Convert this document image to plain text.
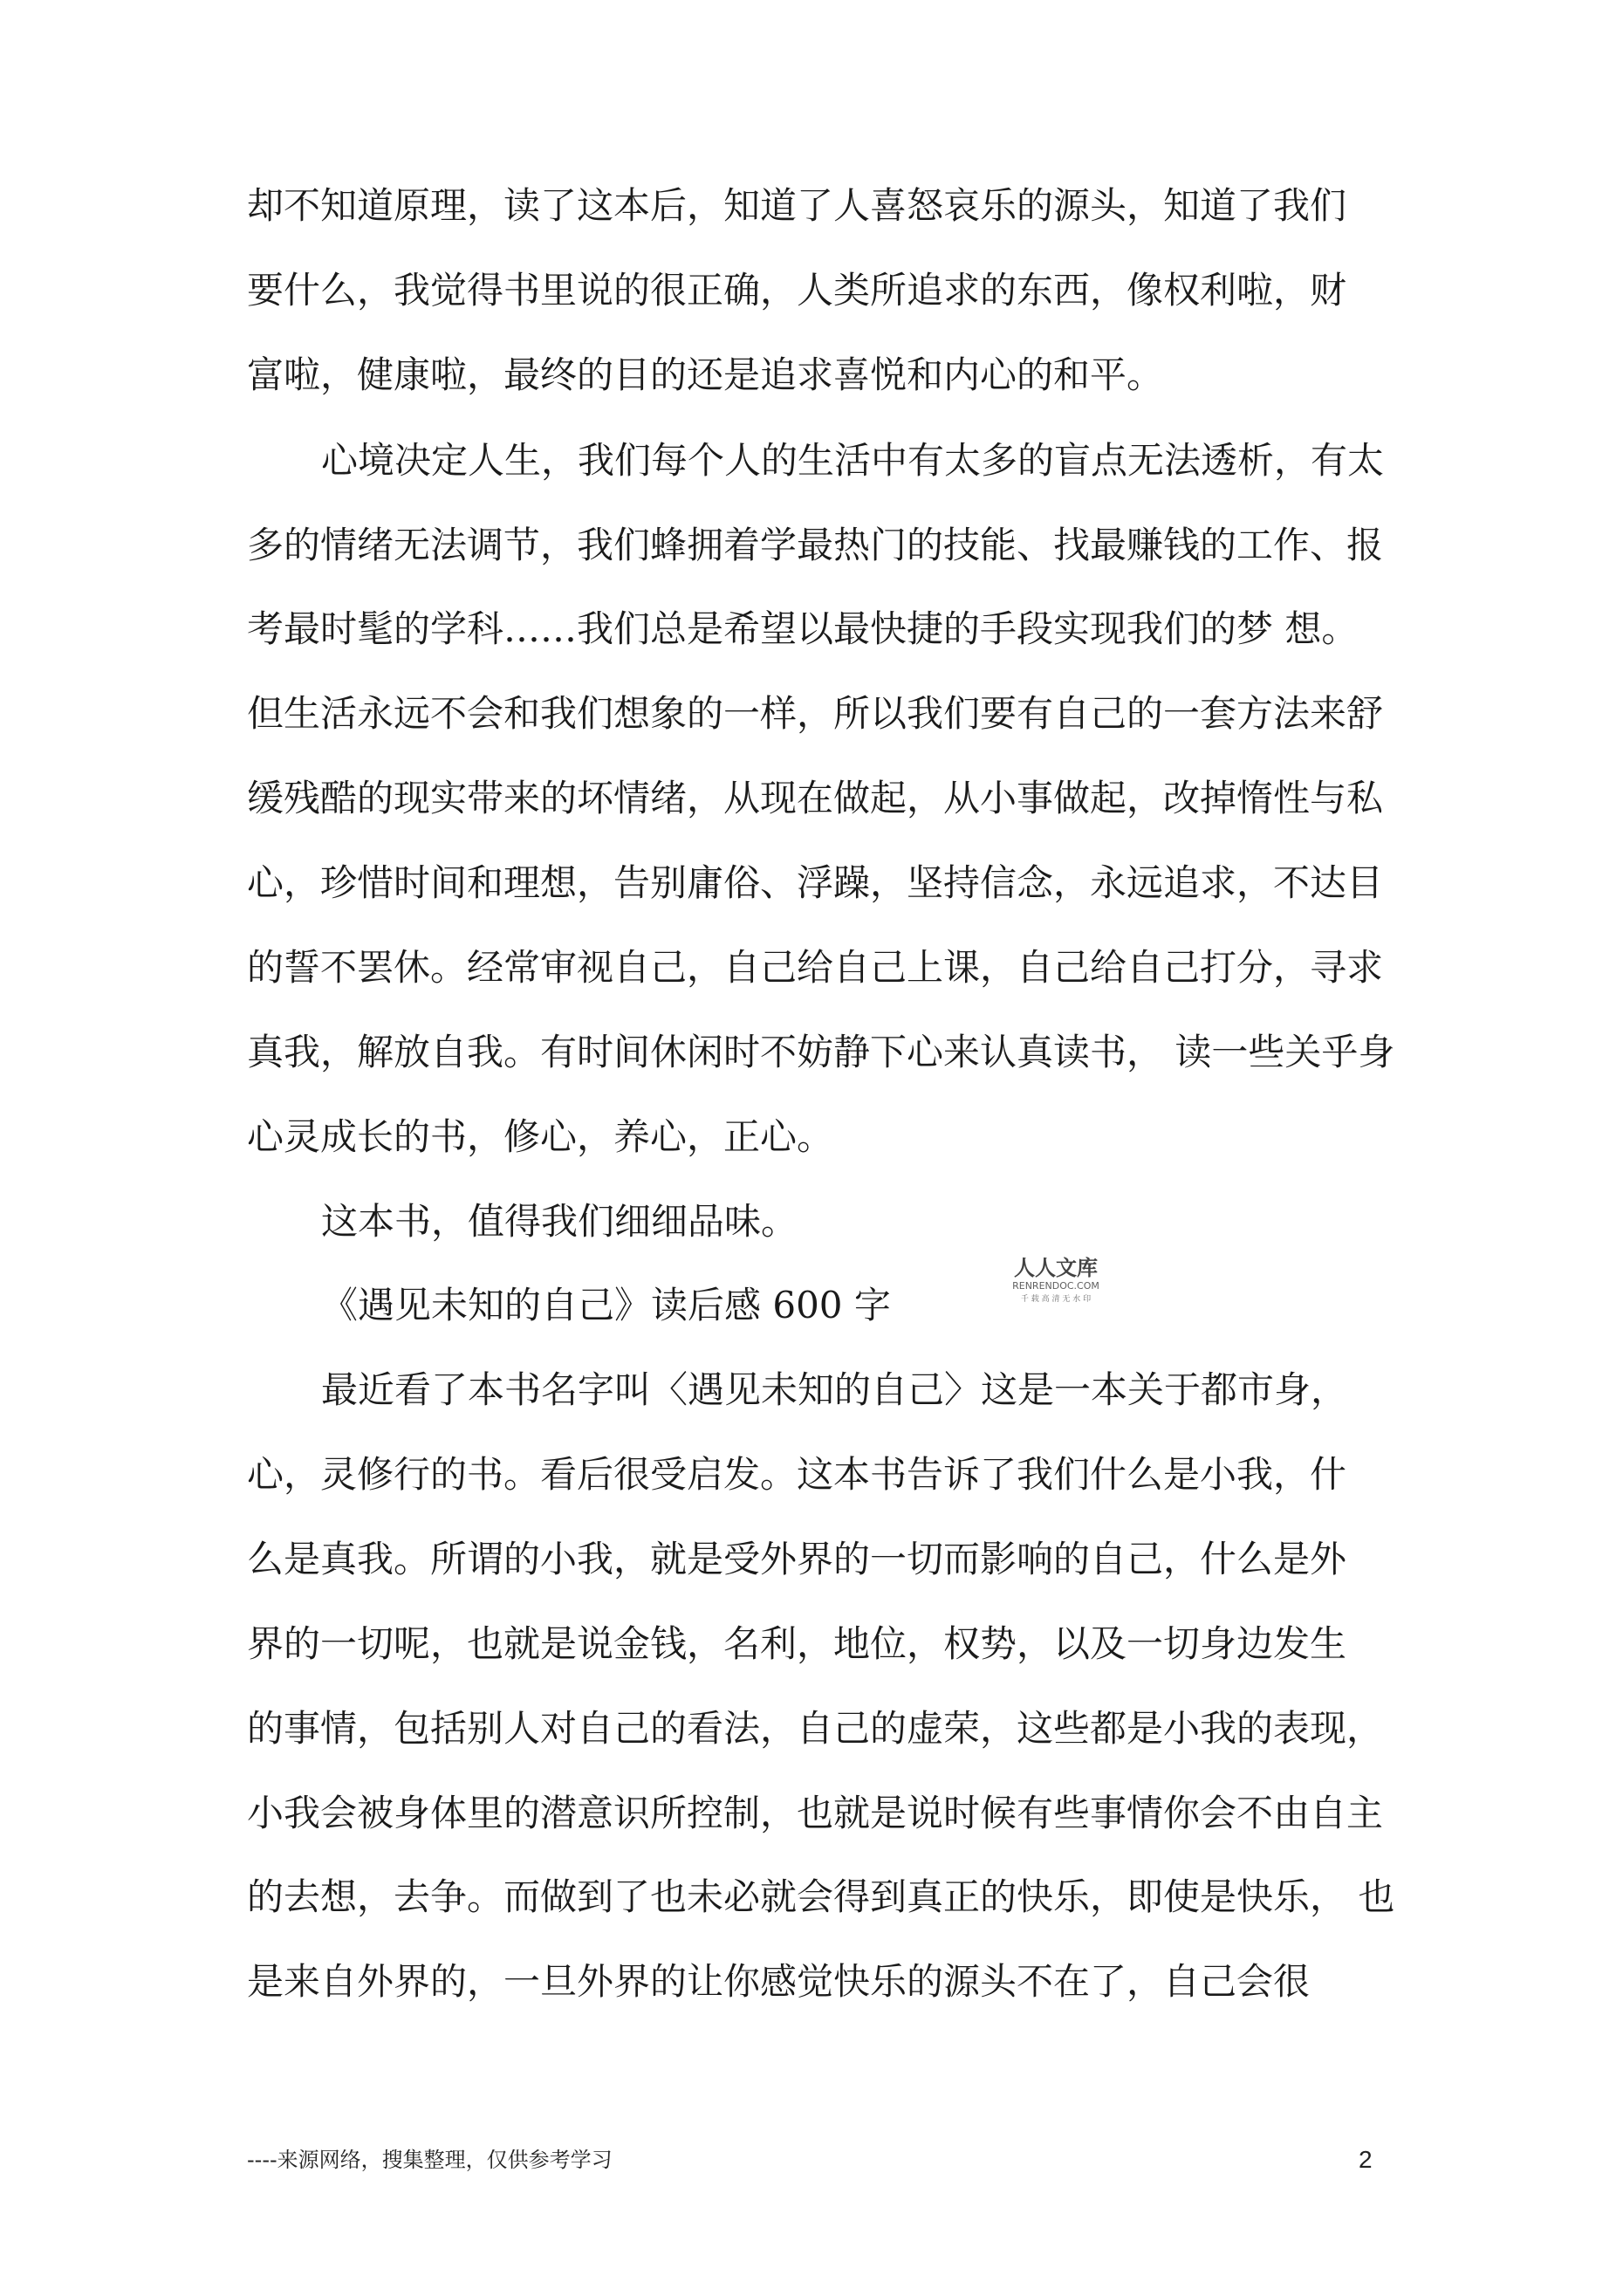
却不知道原理，读了这本后，知道了人喜怒哀乐的源头，知道了我们
要什么，我觉得书里说的很正确，人类所追求的东西，像权利啦，财
富啦，健康啦，最终的目的还是追求喜悦和内心的和平。
心境决定人生，我们每个人的生活中有太多的盲点无法透析，有太
多的情绪无法调节，我们蜂拥着学最热门的技能、找最赚钱的工作、报
考最时髦的学科……我们总是希望以最快捷的手段实现我们的梦 想。
但生活永远不会和我们想象的一样，所以我们要有自己的一套方法来舒
缓残酷的现实带来的坏情绪，从现在做起，从小事做起，改掉惰性与私
心，珍惜时间和理想，告别庸俗、浮躁，坚持信念，永远追求，不达目
的誓不罢休。经常审视自己，自己给自己上课，自己给自己打分，寻求
真我，解放自我。有时间休闲时不妨静下心来认真读书， 读一些关乎身
心灵成长的书，修心，养心，正心。
这本书，值得我们细细品味。
《遇见未知的自己》读后感 600 字
最近看了本书名字叫〈遇见未知的自己〉这是一本关于都市身，
心，灵修行的书。看后很受启发。这本书告诉了我们什么是小我，什
么是真我。所谓的小我，就是受外界的一切而影响的自己，什么是外
界的一切呢，也就是说金钱，名利，地位，权势，以及一切身边发生
的事情，包括别人对自己的看法，自己的虚荣，这些都是小我的表现，
小我会被身体里的潜意识所控制，也就是说时候有些事情你会不由自主
的去想，去争。而做到了也未必就会得到真正的快乐，即使是快乐， 也
是来自外界的，一旦外界的让你感觉快乐的源头不在了，自己会很
人人文库
RENRENDOC.COM
千 载 高 清 无 水 印
----来源网络，搜集整理，仅供参考学习	2
